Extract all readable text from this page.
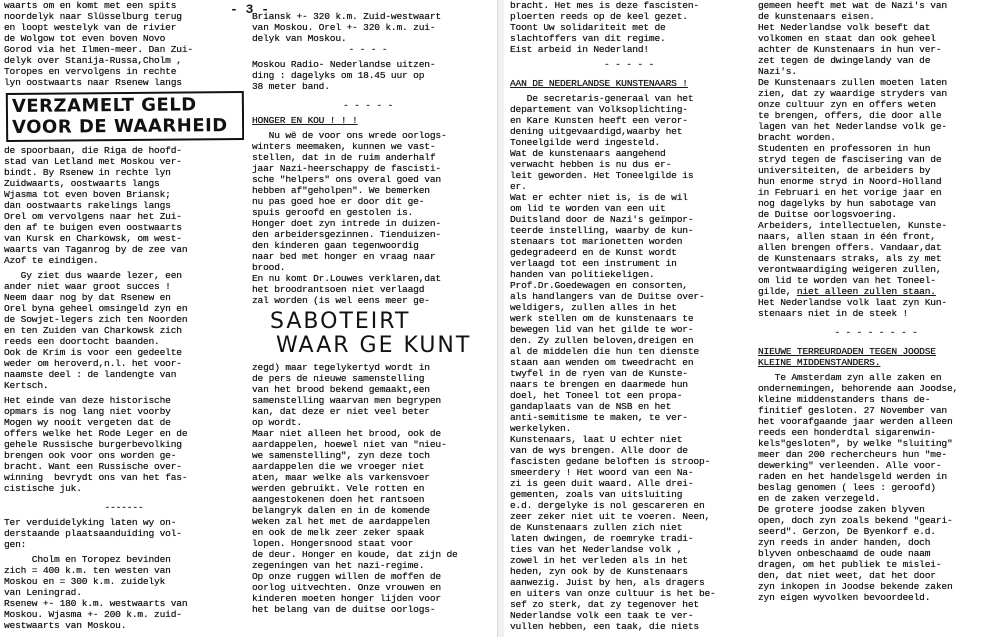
- 3 -
waarts om en komt met een spits
noordelyk naar Slüsselburg terug
en loopt westelyk van de rivier
de Wolgow tot even boven Novo
Gorod via het Ilmen-meer. Dan Zui-
delyk over Stanija-Russa,Cholm ,
Toropes en vervolgens in rechte
lyn oostwaarts naar Rsenew langs
VERZAMELT GELD
VOOR DE WAARHEID
de spoorbaan, die Riga de hoofd-
stad van Letland met Moskou ver-
bindt. By Rsenew in rechte lyn
Zuidwaarts, oostwaarts langs
Wjasma tot even boven Briansk;
dan oostwaarts rakelings langs
Orel om vervolgens naar het Zui-
den af te buigen even oostwaarts
van Kursk en Charkowsk, om west-
waarts van Taganrog by de zee van
Azof te eindigen.
Gy ziet dus waarde lezer, een
ander niet waar groot succes !
Neem daar nog by dat Rsenew en
Orel byna geheel omsingeld zyn en
de Sowjet-legers zich ten Noorden
en ten Zuiden van Charkowsk zich
reeds een doortocht baanden.
Ook de Krim is voor een gedeelte
weder om heroverd,n.l. het voor-
naamste deel : de landengte van
Kertsch.
Het einde van deze historische
opmars is nog lang niet voorby
Mogen wy nooit vergeten dat de
offers welke het Rode Leger en de
gehele Russische burgerbevolking
brengen ook voor ons worden ge-
bracht. Want een Russische over-
winning  bevrydt ons van het fas-
cistische juk.
-------
Ter verduidelyking laten wy on-
derstaande plaatsaanduiding vol-
gen:
Cholm en Toropez bevinden
zich = 400 k.m. ten westen van
Moskou en = 300 k.m. zuidelyk
van Leningrad.
Rsenew +- 180 k.m. westwaarts van
Moskou. Wjasma +- 200 k.m. zuid-
westwaarts van Moskou.
Briansk +- 320 k.m. Zuid-westwaart
van Moskou. Orel +- 320 k.m. zui-
delyk van Moskou.
- - - -
Moskou Radio- Nederlandse uitzen-
ding : dagelyks om 18.45 uur op
38 meter band.
- - - - -
HONGER EN KOU ! ! !
Nu wë de voor ons wrede oorlogs-
winters meemaken, kunnen we vast-
stellen, dat in de ruim anderhalf
jaar Nazi-heerschappy de fascisti-
sche "helpers" ons overal goed van
hebben af"geholpen". We bemerken
nu pas goed hoe er door dit ge-
spuis geroofd en gestolen is.
Honger doet zyn intrede in duizen-
den arbeidersgezinnen. Tienduizen-
den kinderen gaan tegenwoordig
naar bed met honger en vraag naar
brood.
En nu komt Dr.Louwes verklaren,dat
het broodrantsoen niet verlaagd
zal worden (is wel eens meer ge-
SABOTEIRT
WAAR GE KUNT
zegd) maar tegelykertyd wordt in
de pers de nieuwe samenstelling
van het brood bekend gemaakt,een
samenstelling waarvan men begrypen
kan, dat deze er niet veel beter
op wordt.
Maar niet alleen het brood, ook de
aardappelen, hoewel niet van "nieu-
we samenstelling", zyn deze toch
aardappelen die we vroeger niet
aten, maar welke als varkensvoer
werden gebruikt. Vele rotten en
aangestokenen doen het rantsoen
belangryk dalen en in de komende
weken zal het met de aardappelen
en ook de melk zeer zeker spaak
lopen. Hongersnood staat voor
de deur. Honger en koude, dat zijn de
zegeningen van het nazi-regime.
Op onze ruggen willen de moffen de
oorlog uitvechten. Onze vrouwen en
kinderen moeten honger lijden voor
het belang van de duitse oorlogs-
bracht. Het mes is deze fascisten-
ploerten reeds op de keel gezet.
Toont Uw solidariteit met de
slachtoffers van dit regime.
Eist arbeid in Nederland!
- - - - -
AAN DE NEDERLANDSE KUNSTENAARS !
De secretaris-generaal van het
departement van Volksoplichting-
en Kare Kunsten heeft een veror-
dening uitgevaardigd,waarby het
Toneelgilde werd ingesteld.
Wat de kunstenaars aangehend
verwacht hebben is nu dus er-
leit geworden. Het Toneelgilde is
er.
Wat er echter niet is, is de wil
om lid te worden van een uit
Duitsland door de Nazi's geïmpor-
teerde instelling, waarby de kun-
stenaars tot marionetten worden
gedegradeerd en de Kunst wordt
verlaagd tot een instrument in
handen van politiekeligen.
Prof.Dr.Goedewagen en consorten,
als handlangers van de Duitse over-
weldigers, zullen alles in het
werk stellen om de kunstenaars te
bewegen lid van het gilde te wor-
den. Zy zullen beloven,dreigen en
al de middelen die hun ten dienste
staan aan wenden om tweedracht en
twyfel in de ryen van de Kunste-
naars te brengen en daarmede hun
doel, het Toneel tot een propa-
gandaplaats van de NSB en het
anti-semitisme te maken, te ver-
werkelyken.
Kunstenaars, laat U echter niet
van de wys brengen. Alle door de
fascisten gedane beloften is stroop-
smeerdery ! Het woord van een Na-
zi is geen duit waard. Alle drei-
gementen, zoals van uitsluiting
e.d. dergelyke is nol gescareren en
zeer zeker niet uit te voeren. Neen,
de Kunstenaars zullen zich niet
laten dwingen, de roemryke tradi-
ties van het Nederlandse volk ,
zowel in het verleden als in het
heden, zyn ook by de Kunstenaars
aanwezig. Juist by hen, als dragers
en uiters van onze cultuur is het be-
sef zo sterk, dat zy tegenover het
Nederlandse volk een taak te ver-
vullen hebben, een taak, die niets
gemeen heeft met wat de Nazi's van
de kunstenaars eisen.
Het Nederlandse volk beseft dat
volkomen en staat dan ook geheel
achter de Kunstenaars in hun ver-
zet tegen de dwingelandy van de
Nazi's.
De Kunstenaars zullen moeten laten
zien, dat zy waardige stryders van
onze cultuur zyn en offers weten
te brengen, offers, die door alle
lagen van het Nederlandse volk ge-
bracht worden.
Studenten en professoren in hun
stryd tegen de fascisering van de
universiteiten, de arbeiders by
hun enorme stryd in Noord-Holland
in Februari en het vorige jaar en
nog dagelyks by hun sabotage van
de Duitse oorlogsvoering.
Arbeiders, intellectuelen, Kunste-
naars, allen staan in één front,
allen brengen offers. Vandaar,dat
de Kunstenaars straks, als zy met
verontwaardiging weigeren zullen,
om lid te worden van het Toneel-
gilde, niet alleen zullen staan.
Het Nederlandse volk laat zyn Kun-
stenaars niet in de steek !
- - - - - - - -
NIEUWE TERREURDADEN TEGEN JOODSE KLEINE MIDDENSTANDERS.
Te Amsterdam zyn alle zaken en
ondernemingen, behorende aan Joodse,
kleine middenstanders thans de-
finitief gesloten. 27 November van
het voorafgaande jaar werden alleen
reeds een honderdtal sigarenwin-
kels"gesloten", by welke "sluiting"
meer dan 200 rechercheurs hun "me-
dewerking" verleenden. Alle voor-
raden en het handelsgeld werden in
beslag genomen ( lees : geroofd)
en de zaken verzegeld.
De grotere joodse zaken blyven
open, doch zyn zoals bekend "geari-
seerd". Gerzon, De Byenkorf e.d.
zyn reeds in ander handen, doch
blyven onbeschaamd de oude naam
dragen, om het publiek te mislei-
den, dat niet weet, dat het door
zyn inkopen in Joodse bekende zaken
zyn eigen wyvolken bevoordeeld.
